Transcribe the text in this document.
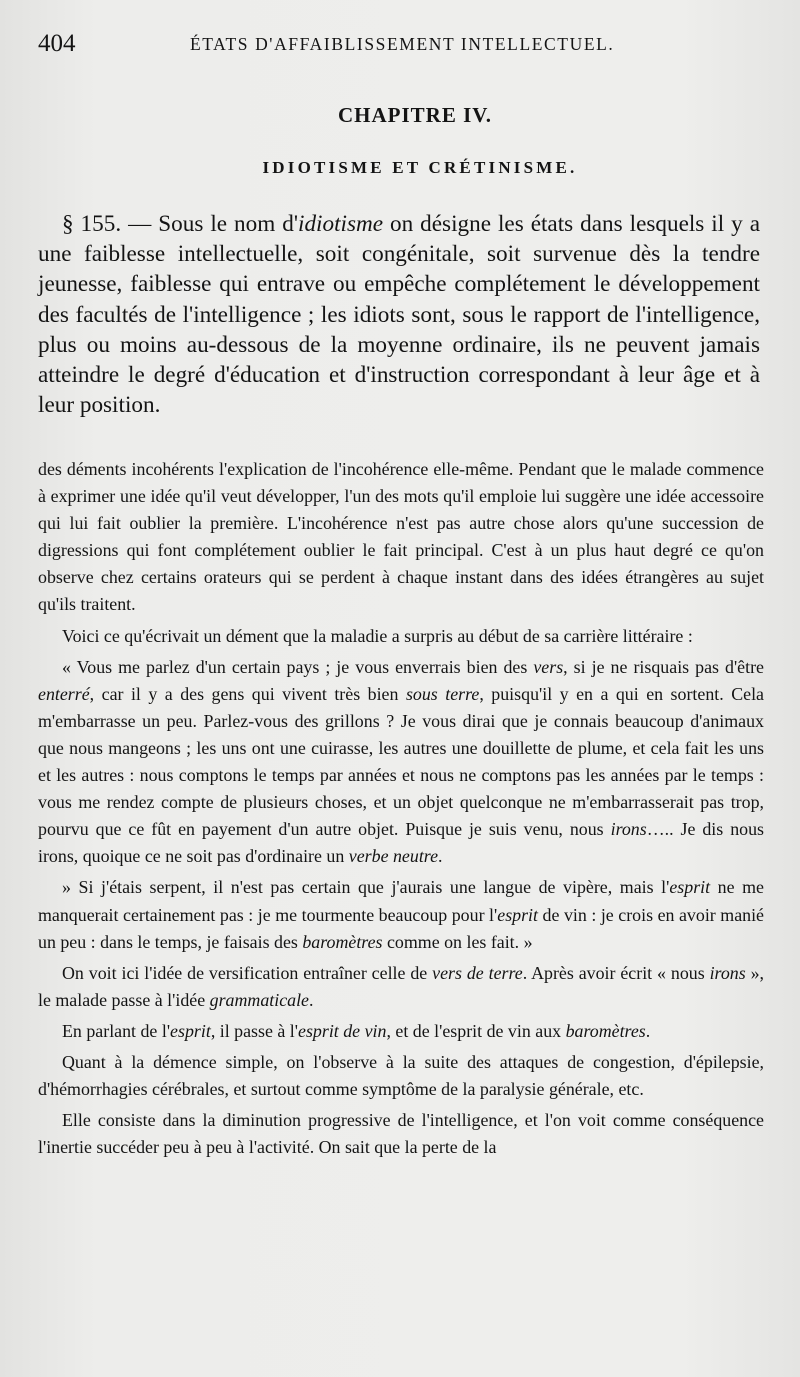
404	ÉTATS D'AFFAIBLISSEMENT INTELLECTUEL.
CHAPITRE IV.
IDIOTISME ET CRÉTINISME.

§ 155. — Sous le nom d'idiotisme on désigne les états dans lesquels il y a une faiblesse intellectuelle, soit congénitale, soit survenue dès la tendre jeunesse, faiblesse qui entrave ou empêche complétement le développement des facultés de l'intelligence ; les idiots sont, sous le rapport de l'intelligence, plus ou moins au-dessous de la moyenne ordinaire, ils ne peuvent jamais atteindre le degré d'éducation et d'instruction correspondant à leur âge et à leur position.

des déments incohérents l'explication de l'incohérence elle-même. Pendant que le malade commence à exprimer une idée qu'il veut développer, l'un des mots qu'il emploie lui suggère une idée accessoire qui lui fait oublier la première. L'incohérence n'est pas autre chose alors qu'une succession de digressions qui font complétement oublier le fait principal. C'est à un plus haut degré ce qu'on observe chez certains orateurs qui se perdent à chaque instant dans des idées étrangères au sujet qu'ils traitent.

Voici ce qu'écrivait un dément que la maladie a surpris au début de sa carrière littéraire :

« Vous me parlez d'un certain pays ; je vous enverrais bien des vers, si je ne risquais pas d'être enterré, car il y a des gens qui vivent très bien sous terre, puisqu'il y en a qui en sortent. Cela m'embarrasse un peu. Parlez-vous des grillons ? Je vous dirai que je connais beaucoup d'animaux que nous mangeons ; les uns ont une cuirasse, les autres une douillette de plume, et cela fait les uns et les autres : nous comptons le temps par années et nous ne comptons pas les années par le temps : vous me rendez compte de plusieurs choses, et un objet quelconque ne m'embarrasserait pas trop, pourvu que ce fût en payement d'un autre objet. Puisque je suis venu, nous irons….. Je dis nous irons, quoique ce ne soit pas d'ordinaire un verbe neutre.

» Si j'étais serpent, il n'est pas certain que j'aurais une langue de vipère, mais l'esprit ne me manquerait certainement pas : je me tourmente beaucoup pour l'esprit de vin : je crois en avoir manié un peu : dans le temps, je faisais des baromètres comme on les fait. »

On voit ici l'idée de versification entraîner celle de vers de terre. Après avoir écrit « nous irons », le malade passe à l'idée grammaticale.

En parlant de l'esprit, il passe à l'esprit de vin, et de l'esprit de vin aux baromètres.

Quant à la démence simple, on l'observe à la suite des attaques de congestion, d'épilepsie, d'hémorrhagies cérébrales, et surtout comme symptôme de la paralysie générale, etc.

Elle consiste dans la diminution progressive de l'intelligence, et l'on voit comme conséquence l'inertie succéder peu à peu à l'activité. On sait que la perte de la
